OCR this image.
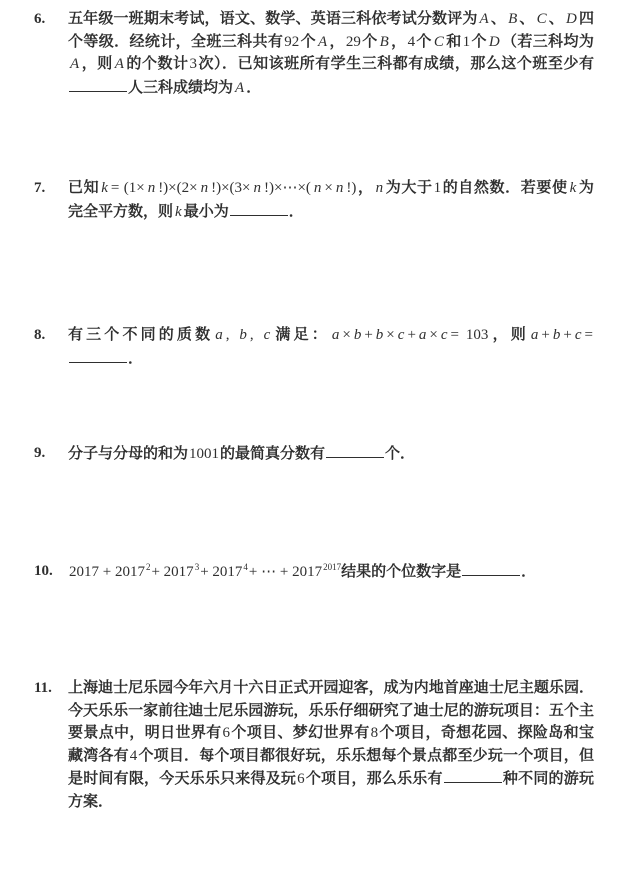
6.	五年级一班期末考试，语文、数学、英语三科依考试分数评为 A 、 B 、 C 、 D 四个等级．经统计，全班三科共有92个 A ，29个 B ，4个 C 和1个 D （若三科均为A ，则 A 的个数计3次）．已知该班所有学生三科都有成绩，那么这个班至少有人三科成绩均为 A ．
7.	已知 k = (1× n !)×(2× n !)×(3× n !)×⋯×( n × n !)， n 为大于1的自然数．若要使 k 为完全平方数，则 k 最小为	．
8.	有三个不同的质数 a , b , c 满足： a × b + b × c + a × c = 103，则 a + b + c =．
9.	分子与分母的和为1001的最简真分数有	个．
10.	$2017 + 2017^2+ 2017^3+ 2017^4+$ ⋯ + $2017^{2017}$结果的个位数字是	．
11.	上海迪士尼乐园今年六月十六日正式开园迎客，成为内地首座迪士尼主题乐园．今天乐乐一家前往迪士尼乐园游玩，乐乐仔细研究了迪士尼的游玩项目：五个主要景点中，明日世界有6个项目、梦幻世界有8个项目，奇想花园、探险岛和宝藏湾各有4个项目．每个项目都很好玩，乐乐想每个景点都至少玩一个项目，但是时间有限，今天乐乐只来得及玩6个项目，那么乐乐有	种不同的游玩方案．
